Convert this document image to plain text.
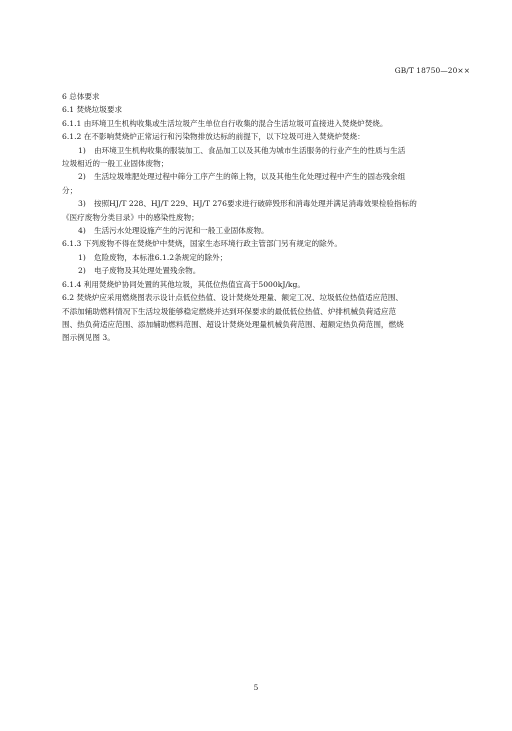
GB/T 18750—20××
6 总体要求
6.1 焚烧垃圾要求
6.1.1 由环境卫生机构收集或生活垃圾产生单位自行收集的混合生活垃圾可直接进入焚烧炉焚烧。
6.1.2 在不影响焚烧炉正常运行和污染物排放达标的前提下，以下垃圾可进入焚烧炉焚烧：
1) 由环境卫生机构收集的服装加工、食品加工以及其他为城市生活服务的行业产生的性质与生活
垃圾相近的一般工业固体废物；
2) 生活垃圾堆肥处理过程中筛分工序产生的筛上物，以及其他生化处理过程中产生的固态残余组
分；
3) 按照HJ/T 228、HJ/T 229、HJ/T 276要求进行破碎毁形和消毒处理并满足消毒效果检验指标的
《医疗废物分类目录》中的感染性废物；
4) 生活污水处理设施产生的污泥和一般工业固体废物。
6.1.3 下列废物不得在焚烧炉中焚烧，国家生态环境行政主管部门另有规定的除外。
1) 危险废物，本标准6.1.2条规定的除外；
2) 电子废物及其处理处置残余物。
6.1.4 利用焚烧炉协同处置的其他垃圾，其低位热值宜高于5000kJ/kg。
6.2 焚烧炉应采用燃烧图表示设计点低位热值、设计焚烧处理量、额定工况、垃圾低位热值适应范围、
不添加辅助燃料情况下生活垃圾能够稳定燃烧并达到环保要求的最低低位热值、炉排机械负荷适应范
围、热负荷适应范围、添加辅助燃料范围、超设计焚烧处理量机械负荷范围、超额定热负荷范围，燃烧
图示例见图 3。
5
